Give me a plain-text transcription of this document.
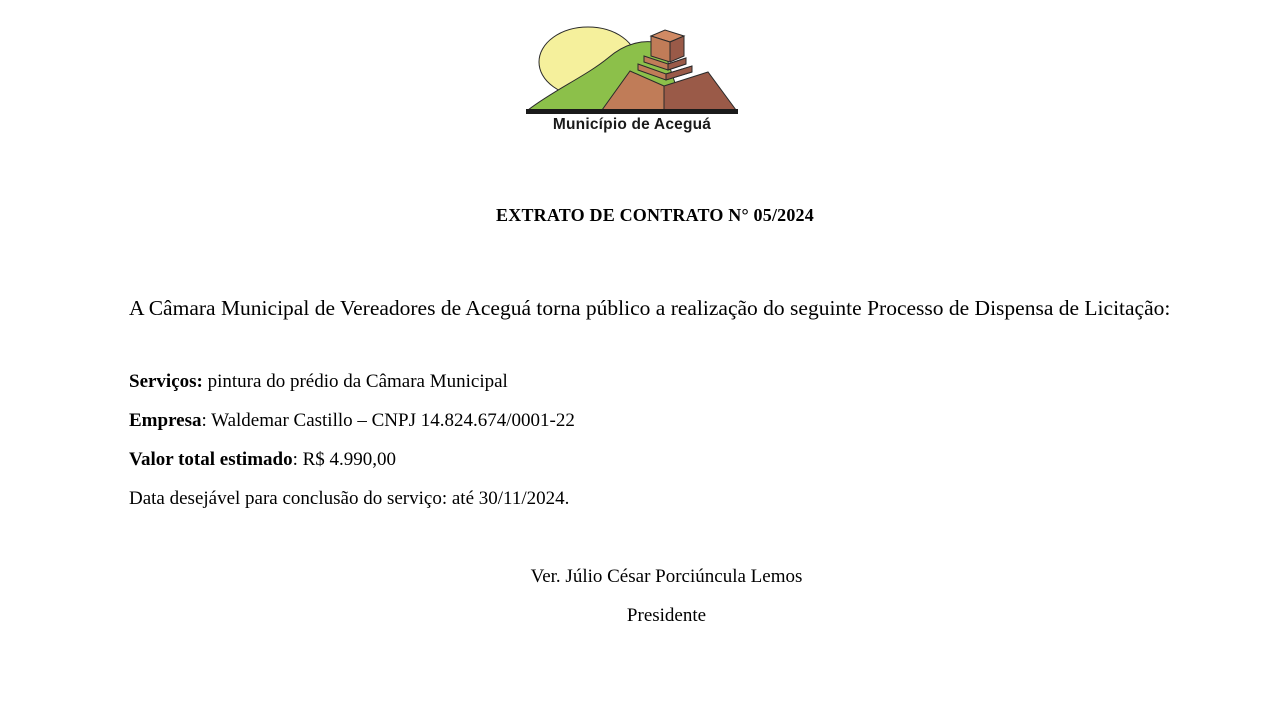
Município de Aceguá
EXTRATO DE CONTRATO N° 05/2024

A Câmara Municipal de Vereadores de Aceguá torna público a realização do seguinte Processo de Dispensa de Licitação:

Serviços: pintura do prédio da Câmara Municipal

Empresa: Waldemar Castillo – CNPJ 14.824.674/0001-22

Valor total estimado: R$ 4.990,00

Data desejável para conclusão do serviço: até 30/11/2024.

Ver. Júlio César Porciúncula Lemos

Presidente
